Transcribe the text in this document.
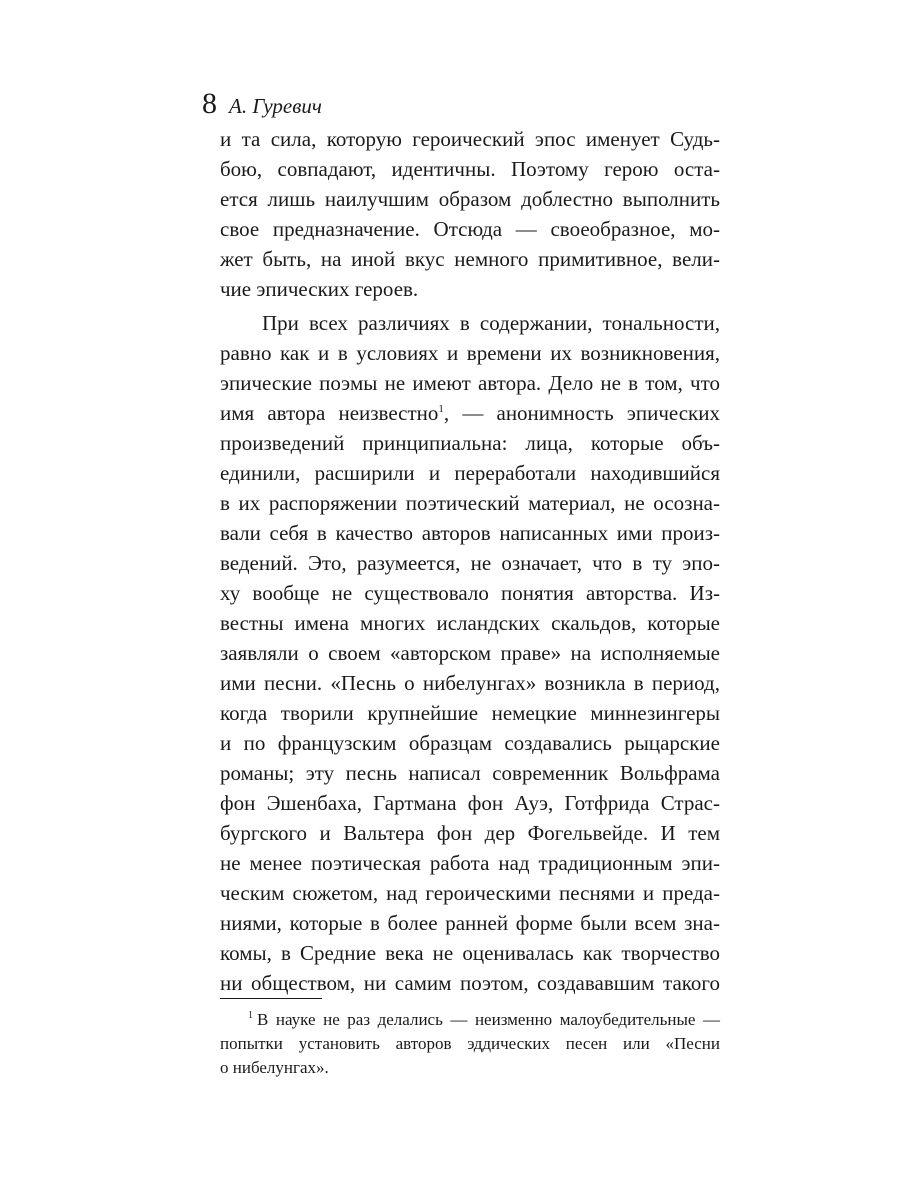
8 А. Гуревич
и та сила, которую героический эпос именует Судь-
бою, совпадают, идентичны. Поэтому герою оста-
ется лишь наилучшим образом доблестно выполнить
свое предназначение. Отсюда — своеобразное, мо-
жет быть, на иной вкус немного примитивное, вели-
чие эпических героев.
При всех различиях в содержании, тональности,
равно как и в условиях и времени их возникновения,
эпические поэмы не имеют автора. Дело не в том, что
имя автора неизвестно$^1$, — анонимность эпических
произведений принципиальна: лица, которые объ-
единили, расширили и переработали находившийся
в их распоряжении поэтический материал, не осозна-
вали себя в качество авторов написанных ими произ-
ведений. Это, разумеется, не означает, что в ту эпо-
ху вообще не существовало понятия авторства. Из-
вестны имена многих исландских скальдов, которые
заявляли о своем «авторском праве» на исполняемые
ими песни. «Песнь о нибелунгах» возникла в период,
когда творили крупнейшие немецкие миннезингеры
и по французским образцам создавались рыцарские
романы; эту песнь написал современник Вольфрама
фон Эшенбаха, Гартмана фон Ауэ, Готфрида Страс-
бургского и Вальтера фон дер Фогельвейде. И тем
не менее поэтическая работа над традиционным эпи-
ческим сюжетом, над героическими песнями и преда-
ниями, которые в более ранней форме были всем зна-
комы, в Средние века не оценивалась как творчество
ни обществом, ни самим поэтом, создававшим такого
$^1$ В науке не раз делались — неизменно малоубедительные —
попытки установить авторов эддических песен или «Песни
о нибелунгах».
